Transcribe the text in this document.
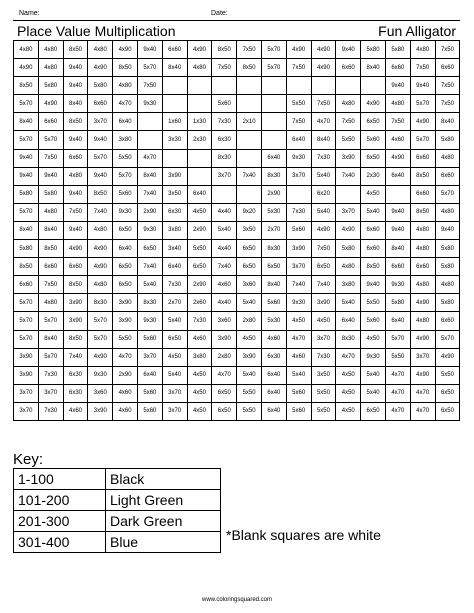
Name:	Date:
Place Value Multiplication	Fun Alligator
4x80	4x80	8x50	4x80	4x90	9x40	6x60	4x90	8x50	7x50	5x70	4x90	4x90	9x40	5x80	5x80	4x80	7x50
4x90	4x80	9x40	4x90	8x50	5x70	8x40	4x80	7x50	8x50	5x70	7x50	4x90	6x60	8x40	6x60	7x50	6x60
8x50	5x80	9x40	5x80	4x80	7x50										9x40	9x40	7x50
5x70	4x90	8x40	6x60	4x70	9x30			5x60			5x50	7x50	4x80	4x90	4x80	5x70	7x50
8x40	6x60	8x50	3x70	6x40		1x60	1x30	7x30	2x10		7x50	4x70	7x50	6x50	7x50	4x90	8x40
5x70	5x70	9x40	9x40	3x80		3x30	2x30	6x30			6x40	8x40	5x50	5x60	4x60	5x70	5x80
9x40	7x50	6x60	5x70	5x50	4x70			8x30		6x40	9x30	7x30	3x90	6x50	4x90	6x60	4x80
9x40	9x40	4x80	9x40	5x70	8x40	3x90		3x70	7x40	8x30	3x70	5x40	7x40	2x30	6x40	8x50	6x60
5x80	5x80	9x40	8x50	5x60	7x40	3x50	6x40			2x90		6x20		4x50		6x60	5x70
5x70	4x80	7x50	7x40	9x30	2x90	6x30	4x50	4x40	9x20	5x30	7x30	5x40	3x70	5x40	9x40	8x50	4x80
8x40	8x40	9x40	4x80	6x50	9x30	3x80	2x90	5x40	3x50	2x70	5x60	4x90	4x90	6x60	9x40	4x80	9x40
5x80	8x50	4x90	4x90	6x40	6x50	3x40	5x50	4x40	6x50	8x30	3x90	7x50	5x80	6x60	8x40	4x80	5x80
8x50	6x60	6x60	4x90	6x50	7x40	6x40	6x50	7x40	6x50	6x50	3x70	6x50	4x80	8x50	6x60	6x60	5x80
6x60	7x50	8x50	4x80	6x50	5x40	7x30	2x90	4x60	3x60	8x40	7x40	7x40	3x80	9x40	9x30	4x80	4x80
5x70	4x80	3x90	8x30	3x90	8x30	2x70	2x60	4x40	5x40	5x60	9x30	3x90	5x40	5x50	5x80	4x90	5x80
5x70	5x70	3x90	5x70	3x90	9x30	5x40	7x30	3x60	2x80	5x30	4x50	4x50	6x40	5x60	6x40	4x80	6x60
5x70	8x40	8x50	5x70	5x50	5x60	6x50	4x60	3x90	4x50	4x60	4x70	3x70	8x30	4x50	5x70	4x90	5x70
3x90	5x70	7x40	4x90	4x70	3x70	4x50	3x80	2x80	3x90	6x30	4x60	7x30	4x70	9x30	5x50	3x70	4x90
3x90	7x30	6x30	9x30	2x90	6x40	5x40	4x50	4x70	5x40	6x40	5x40	3x50	4x50	5x40	4x70	4x90	5x50
3x70	3x70	6x30	3x60	4x60	5x60	3x70	4x50	6x50	5x50	6x40	5x60	5x50	4x50	5x40	4x70	4x70	6x50
3x70	7x30	4x60	3x90	4x60	5x60	3x70	4x50	6x50	5x50	6x40	5x60	5x50	4x50	6x50	4x70	4x70	6x50
Key:
1-100	Black
101-200	Light Green
201-300	Dark Green
301-400	Blue	*Blank squares are white
www.coloringsquared.com
